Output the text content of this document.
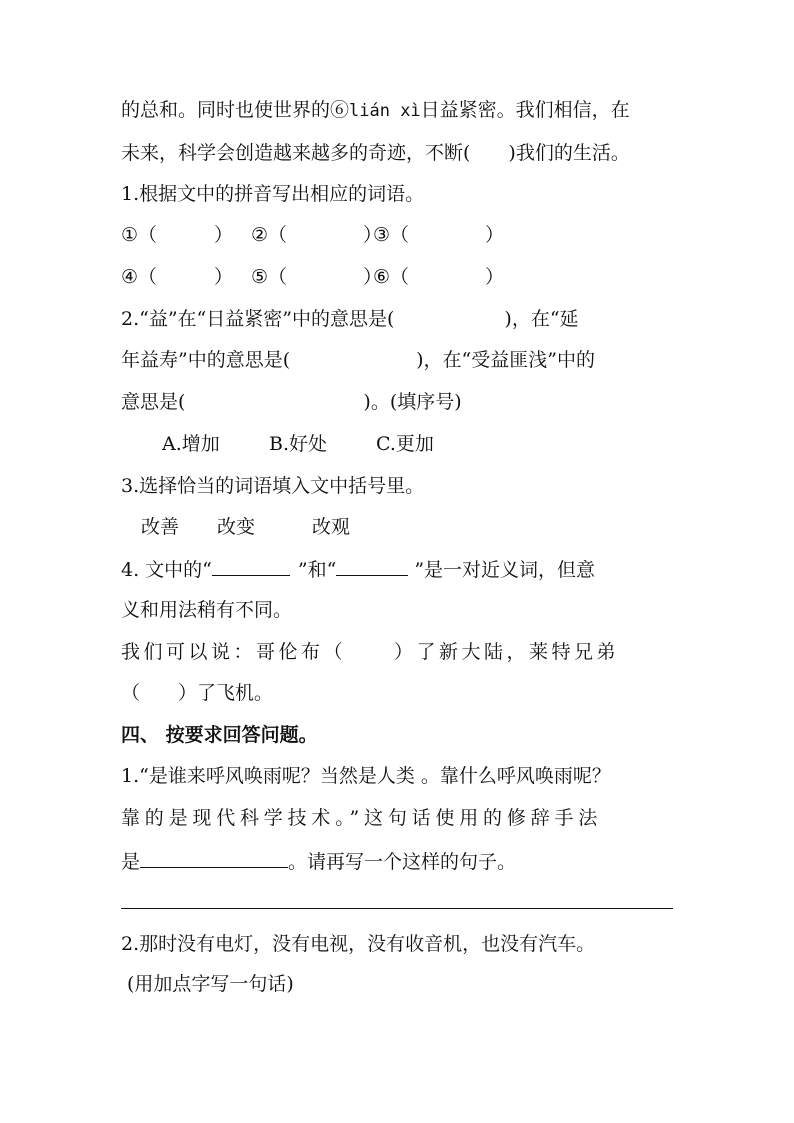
的总和。同时也使世界的⑥lián xì日益紧密。我们相信，在
未来，科学会创造越来越多的奇迹，不断(　　)我们的生活。
1.根据文中的拼音写出相应的词语。
①（　　　） ②（　　　　）③（　　　　）
④（　　　） ⑤（　　　　）⑥（　　　　）
2.“益”在“日益紧密”中的意思是(	)，在“延
年益寿”中的意思是(	)，在“受益匪浅”中的
意思是(	)。(填序号)
A.增加	B.好处	C.更加
3.选择恰当的词语填入文中括号里。
改善 改变	改观
4. 文中的“	”和“	”是一对近义词，但意
义和用法稍有不同。
我们可以说：哥伦布（	）了新大陆，莱特兄弟
（　　）了飞机。
四、 按要求回答问题。
1.“是谁来呼风唤雨呢？当然是人类 。靠什么呼风唤雨呢？
靠的是现代科学技术。”这句话使用的修辞手法
是	。请再写一个这样的句子。
2.那时没有电灯，没有电视，没有收音机，也没有汽车。
(用加点字写一句话)
